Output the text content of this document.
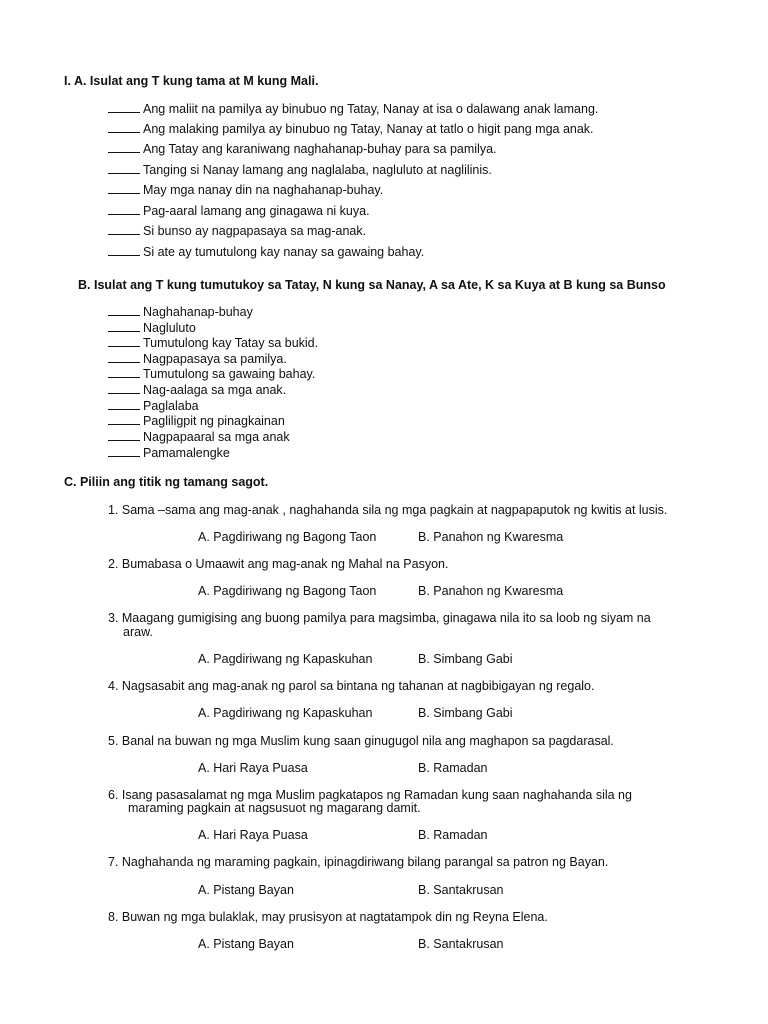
I. A. Isulat ang T kung tama at M kung Mali.
Ang maliit na pamilya ay binubuo ng Tatay, Nanay at isa o dalawang anak lamang.
Ang malaking pamilya ay binubuo ng Tatay, Nanay at tatlo o higit pang mga anak.
Ang Tatay ang karaniwang naghahanap-buhay para sa pamilya.
Tanging si Nanay lamang ang naglalaba, nagluluto at naglilinis.
May mga nanay din na naghahanap-buhay.
Pag-aaral lamang ang ginagawa ni kuya.
Si bunso ay nagpapasaya sa mag-anak.
Si ate ay tumutulong kay nanay sa gawaing bahay.
B. Isulat ang T kung tumutukoy sa Tatay, N kung sa Nanay, A sa Ate, K sa Kuya at B kung sa Bunso
Naghahanap-buhay
Nagluluto
Tumutulong kay Tatay sa bukid.
Nagpapasaya sa pamilya.
Tumutulong sa gawaing bahay.
Nag-aalaga sa mga anak.
Paglalaba
Pagliligpit ng pinagkainan
Nagpapaaral sa mga anak
Pamamalengke
C. Piliin ang titik ng tamang sagot.
1. Sama –sama ang mag-anak , naghahanda sila ng mga pagkain at nagpapaputok ng kwitis at lusis.
A. Pagdiriwang ng Bagong Taon	B. Panahon ng Kwaresma
2. Bumabasa o Umaawit ang mag-anak ng Mahal na Pasyon.
A. Pagdiriwang ng Bagong Taon	B. Panahon ng Kwaresma
3. Maagang gumigising ang buong pamilya para magsimba, ginagawa nila ito sa loob ng siyam na
araw.
A. Pagdiriwang ng Kapaskuhan	B. Simbang Gabi
4. Nagsasabit ang mag-anak ng parol sa bintana ng tahanan at nagbibigayan ng regalo.
A. Pagdiriwang ng Kapaskuhan	B. Simbang Gabi
5. Banal na buwan ng mga Muslim kung saan ginugugol nila ang maghapon sa pagdarasal.
A. Hari Raya Puasa	B. Ramadan
6. Isang pasasalamat ng mga Muslim pagkatapos ng Ramadan kung saan naghahanda sila ng
maraming pagkain at nagsusuot ng magarang damit.
A. Hari Raya Puasa	B. Ramadan
7. Naghahanda ng maraming pagkain, ipinagdiriwang bilang parangal sa patron ng Bayan.
A. Pistang Bayan	B. Santakrusan
8. Buwan ng mga bulaklak, may prusisyon at nagtatampok din ng Reyna Elena.
A. Pistang Bayan	B. Santakrusan
